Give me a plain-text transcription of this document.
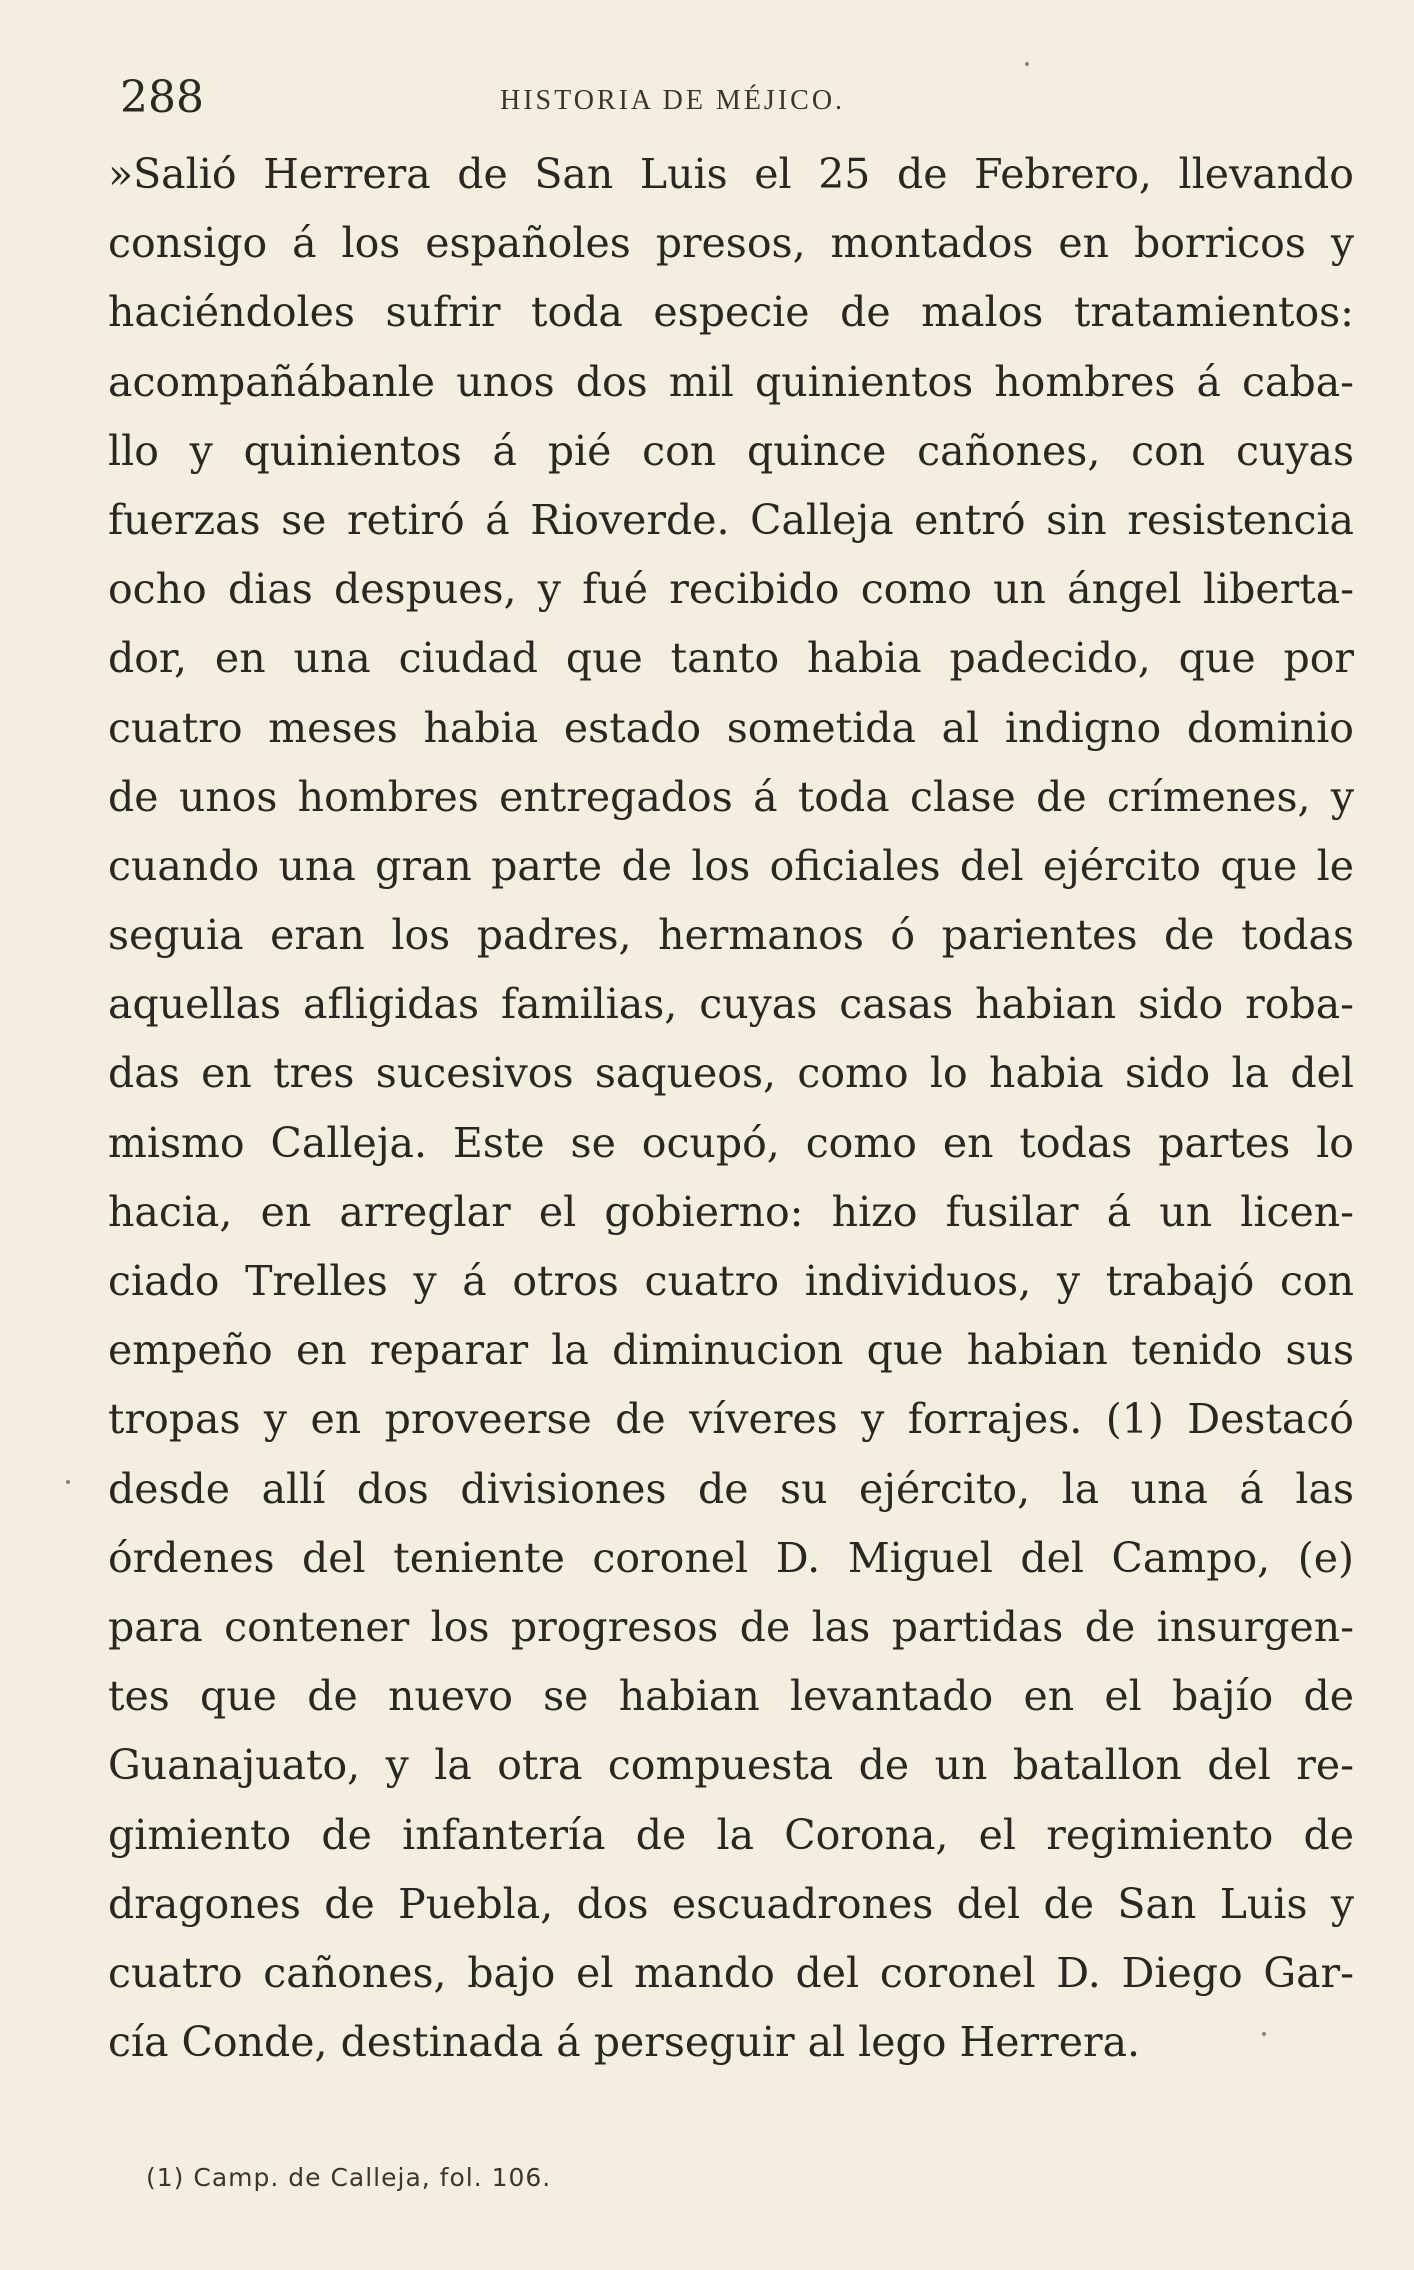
288	HISTORIA DE MÉJICO.
»Salió Herrera de San Luis el 25 de Febrero, llevando
consigo á los españoles presos, montados en borricos y
haciéndoles sufrir toda especie de malos tratamientos:
acompañábanle unos dos mil quinientos hombres á caba-
llo y quinientos á pié con quince cañones, con cuyas
fuerzas se retiró á Rioverde. Calleja entró sin resistencia
ocho dias despues, y fué recibido como un ángel liberta-
dor, en una ciudad que tanto habia padecido, que por
cuatro meses habia estado sometida al indigno dominio
de unos hombres entregados á toda clase de crímenes, y
cuando una gran parte de los oficiales del ejército que le
seguia eran los padres, hermanos ó parientes de todas
aquellas afligidas familias, cuyas casas habian sido roba-
das en tres sucesivos saqueos, como lo habia sido la del
mismo Calleja. Este se ocupó, como en todas partes lo
hacia, en arreglar el gobierno: hizo fusilar á un licen-
ciado Trelles y á otros cuatro individuos, y trabajó con
empeño en reparar la diminucion que habian tenido sus
tropas y en proveerse de víveres y forrajes. (1) Destacó
desde allí dos divisiones de su ejército, la una á las
órdenes del teniente coronel D. Miguel del Campo, (e)
para contener los progresos de las partidas de insurgen-
tes que de nuevo se habian levantado en el bajío de
Guanajuato, y la otra compuesta de un batallon del re-
gimiento de infantería de la Corona, el regimiento de
dragones de Puebla, dos escuadrones del de San Luis y
cuatro cañones, bajo el mando del coronel D. Diego Gar-
cía Conde, destinada á perseguir al lego Herrera.
(1) Camp. de Calleja, fol. 106.
